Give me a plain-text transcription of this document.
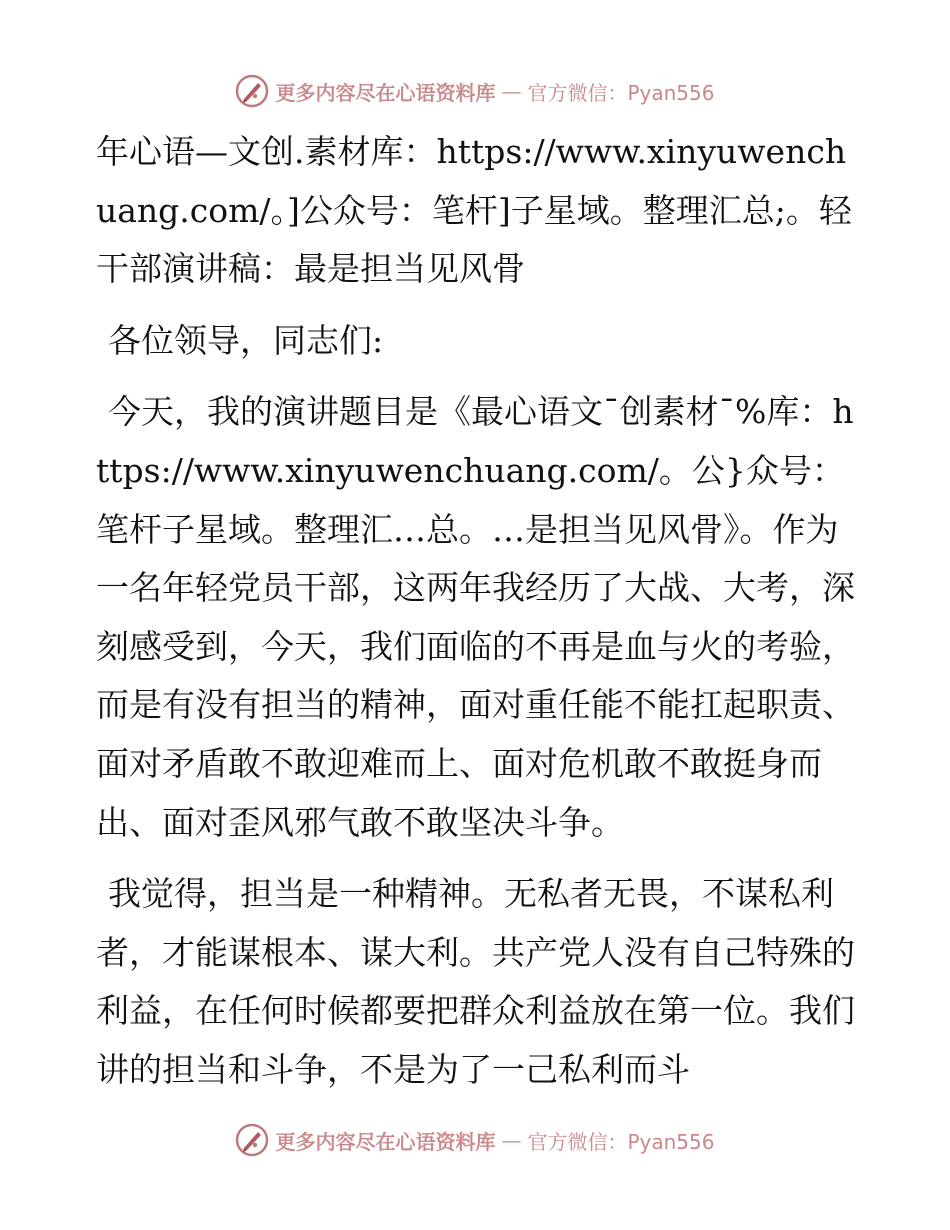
更多内容尽在心语资料库 — 官方微信：Pyan556

年心语—文创.素材库：https://www.xinyuwenchuang.com/。]公众号：笔杆]子星域。整理汇总;。轻干部演讲稿：最是担当见风骨

各位领导，同志们:

今天，我的演讲题目是《最心语文¯创素材¯%库：https://www.xinyuwenchuang.com/。公}众号：笔杆子星域。整理汇…总。…是担当见风骨》。作为一名年轻党员干部，这两年我经历了大战、大考，深刻感受到，今天，我们面临的不再是血与火的考验，而是有没有担当的精神，面对重任能不能扛起职责、面对矛盾敢不敢迎难而上、面对危机敢不敢挺身而出、面对歪风邪气敢不敢坚决斗争。

我觉得，担当是一种精神。无私者无畏，不谋私利者，才能谋根本、谋大利。共产党人没有自己特殊的利益，在任何时候都要把群众利益放在第一位。我们讲的担当和斗争，不是为了一己私利而斗

更多内容尽在心语资料库 — 官方微信：Pyan556
